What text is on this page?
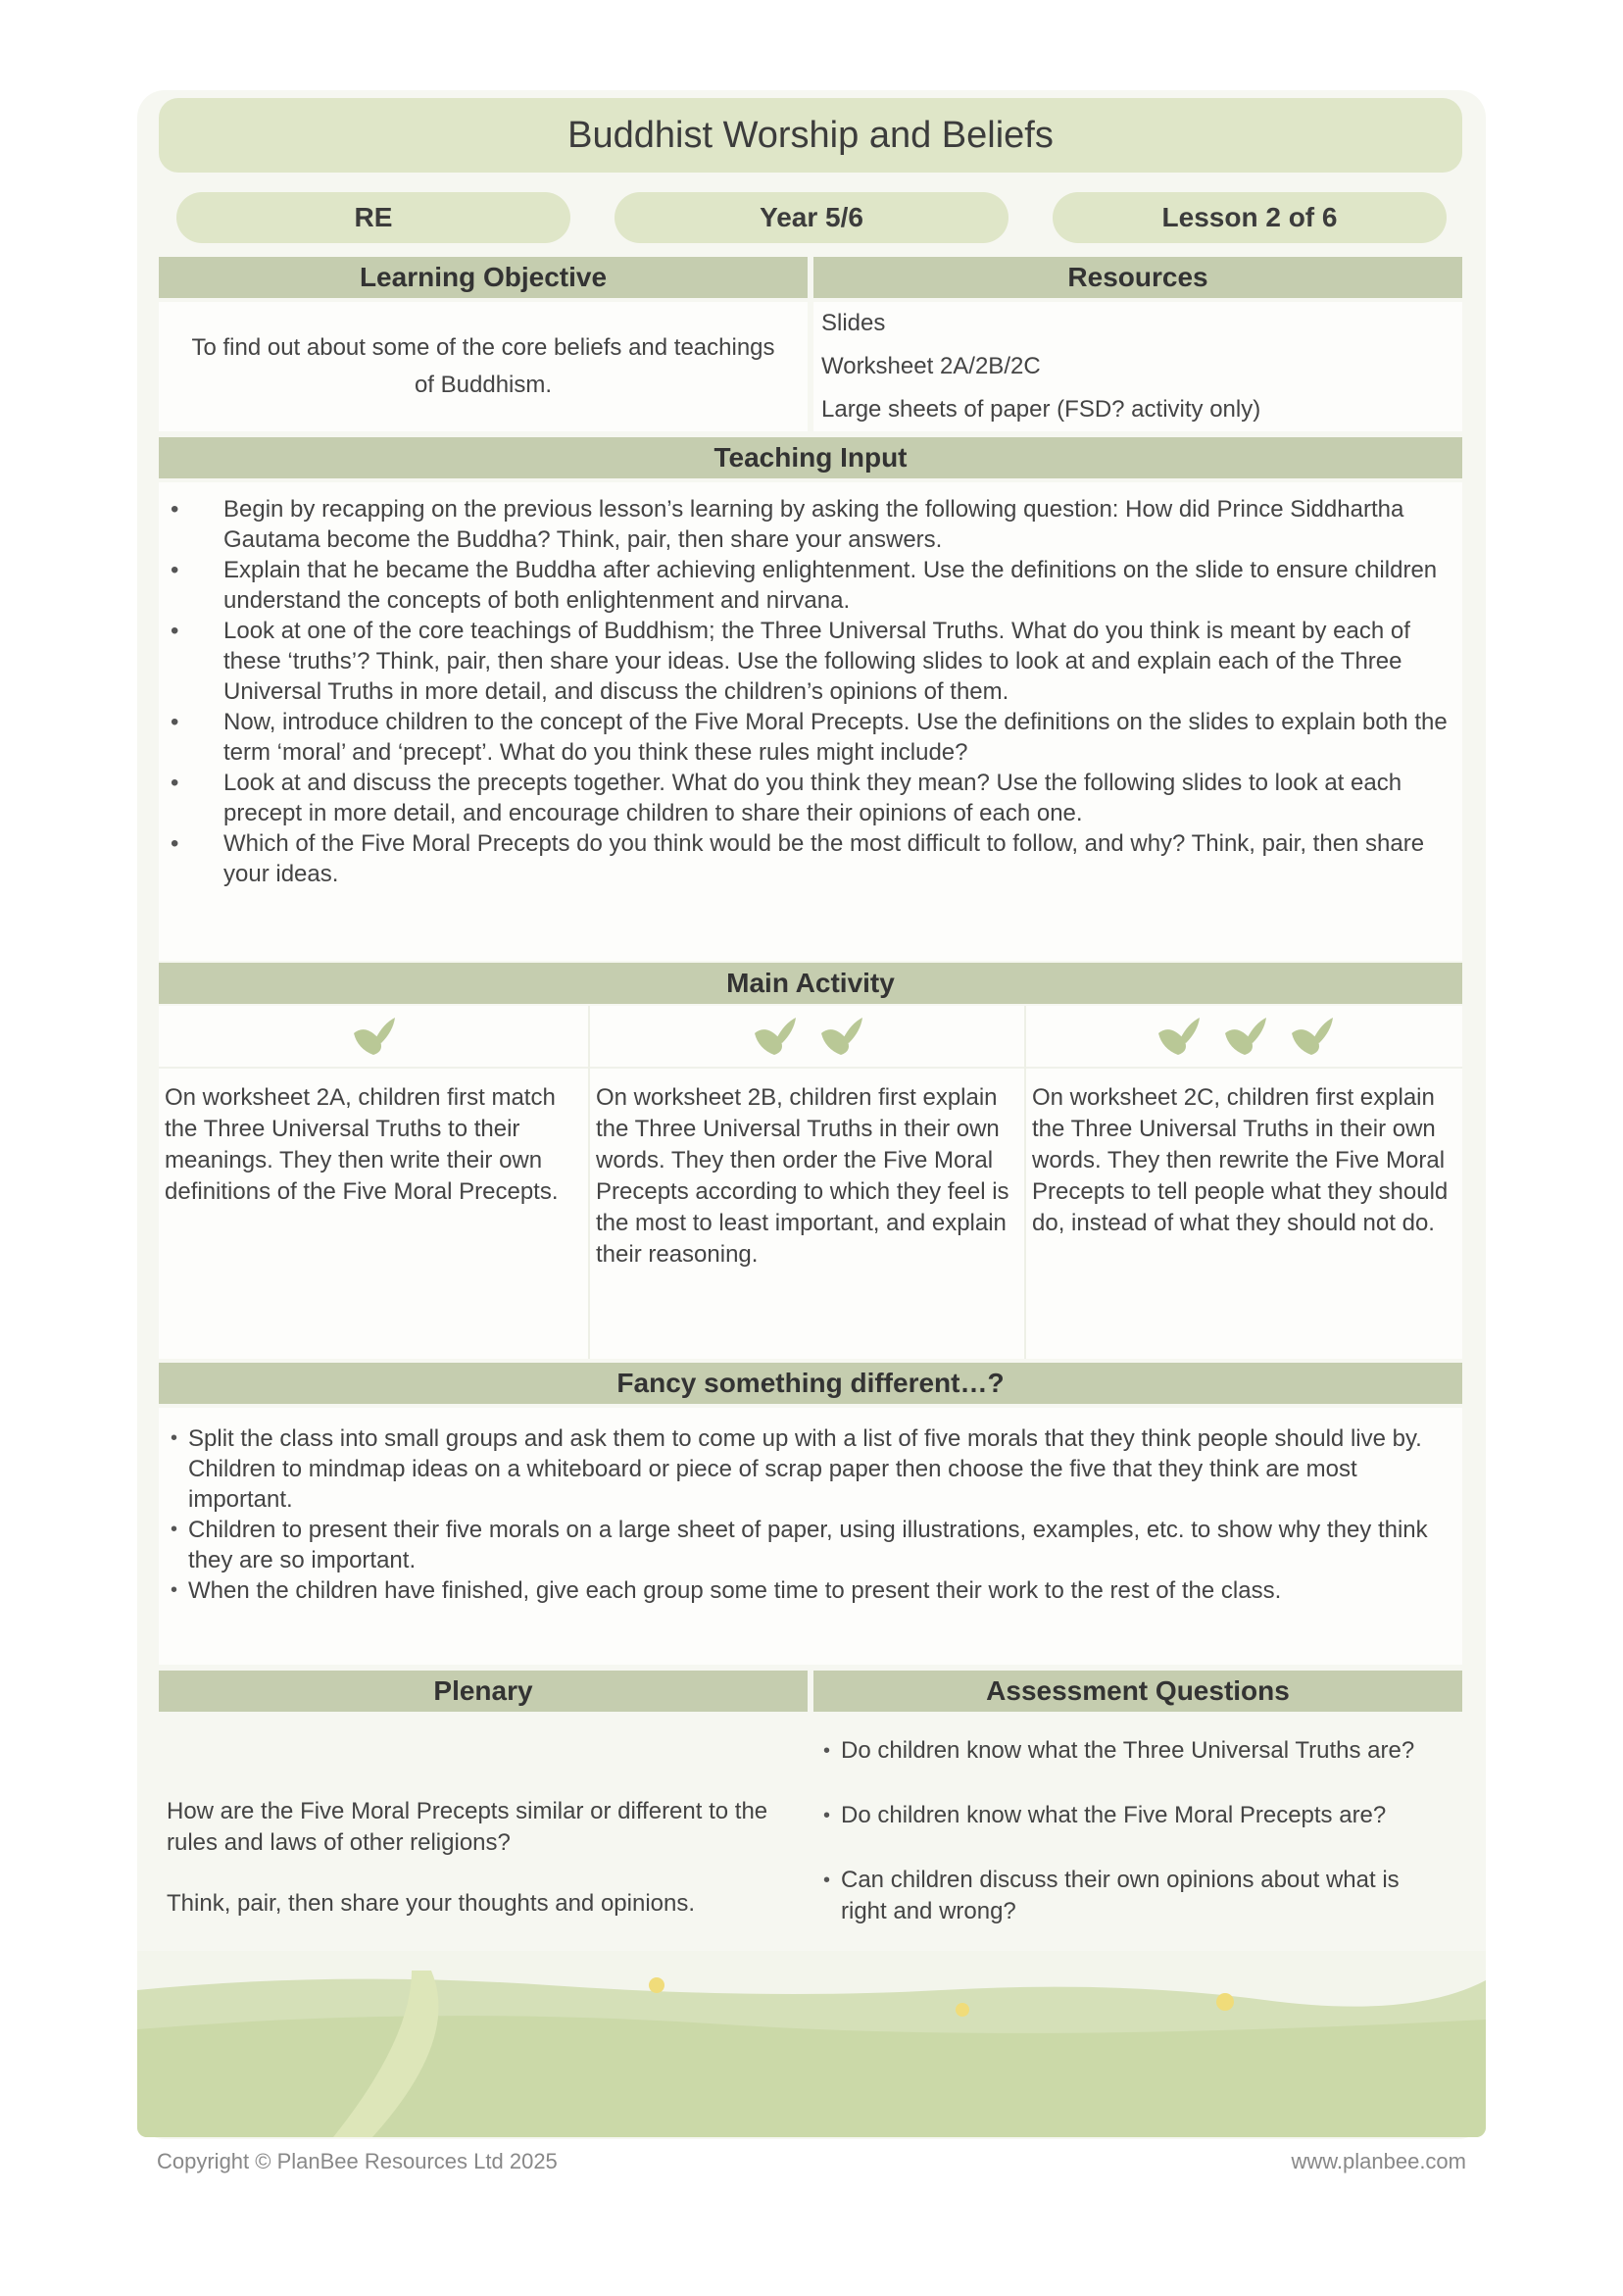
Buddhist Worship and Beliefs
RE	Year 5/6	Lesson 2 of 6
Learning Objective	Resources
To find out about some of the core beliefs and teachings of Buddhism.
Slides
Worksheet 2A/2B/2C
Large sheets of paper (FSD? activity only)
Teaching Input
• Begin by recapping on the previous lesson’s learning by asking the following question: How did Prince Siddhartha Gautama become the Buddha? Think, pair, then share your answers.
• Explain that he became the Buddha after achieving enlightenment. Use the definitions on the slide to ensure children understand the concepts of both enlightenment and nirvana.
• Look at one of the core teachings of Buddhism; the Three Universal Truths. What do you think is meant by each of these ‘truths’? Think, pair, then share your ideas. Use the following slides to look at and explain each of the Three Universal Truths in more detail, and discuss the children’s opinions of them.
• Now, introduce children to the concept of the Five Moral Precepts. Use the definitions on the slides to explain both the term ‘moral’ and ‘precept’. What do you think these rules might include?
• Look at and discuss the precepts together. What do you think they mean? Use the following slides to look at each precept in more detail, and encourage children to share their opinions of each one.
• Which of the Five Moral Precepts do you think would be the most difficult to follow, and why? Think, pair, then share your ideas.
Main Activity
On worksheet 2A, children first match the Three Universal Truths to their meanings. They then write their own definitions of the Five Moral Precepts.
On worksheet 2B, children first explain the Three Universal Truths in their own words. They then order the Five Moral Precepts according to which they feel is the most to least important, and explain their reasoning.
On worksheet 2C, children first explain the Three Universal Truths in their own words. They then rewrite the Five Moral Precepts to tell people what they should do, instead of what they should not do.
Fancy something different…?
• Split the class into small groups and ask them to come up with a list of five morals that they think people should live by. Children to mindmap ideas on a whiteboard or piece of scrap paper then choose the five that they think are most important.
• Children to present their five morals on a large sheet of paper, using illustrations, examples, etc. to show why they think they are so important.
• When the children have finished, give each group some time to present their work to the rest of the class.
Plenary	Assessment Questions

How are the Five Moral Precepts similar or different to the rules and laws of other religions?

Think, pair, then share your thoughts and opinions.

• Do children know what the Three Universal Truths are?
• Do children know what the Five Moral Precepts are?
• Can children discuss their own opinions about what is right and wrong?
Copyright © PlanBee Resources Ltd 2025	www.planbee.com
